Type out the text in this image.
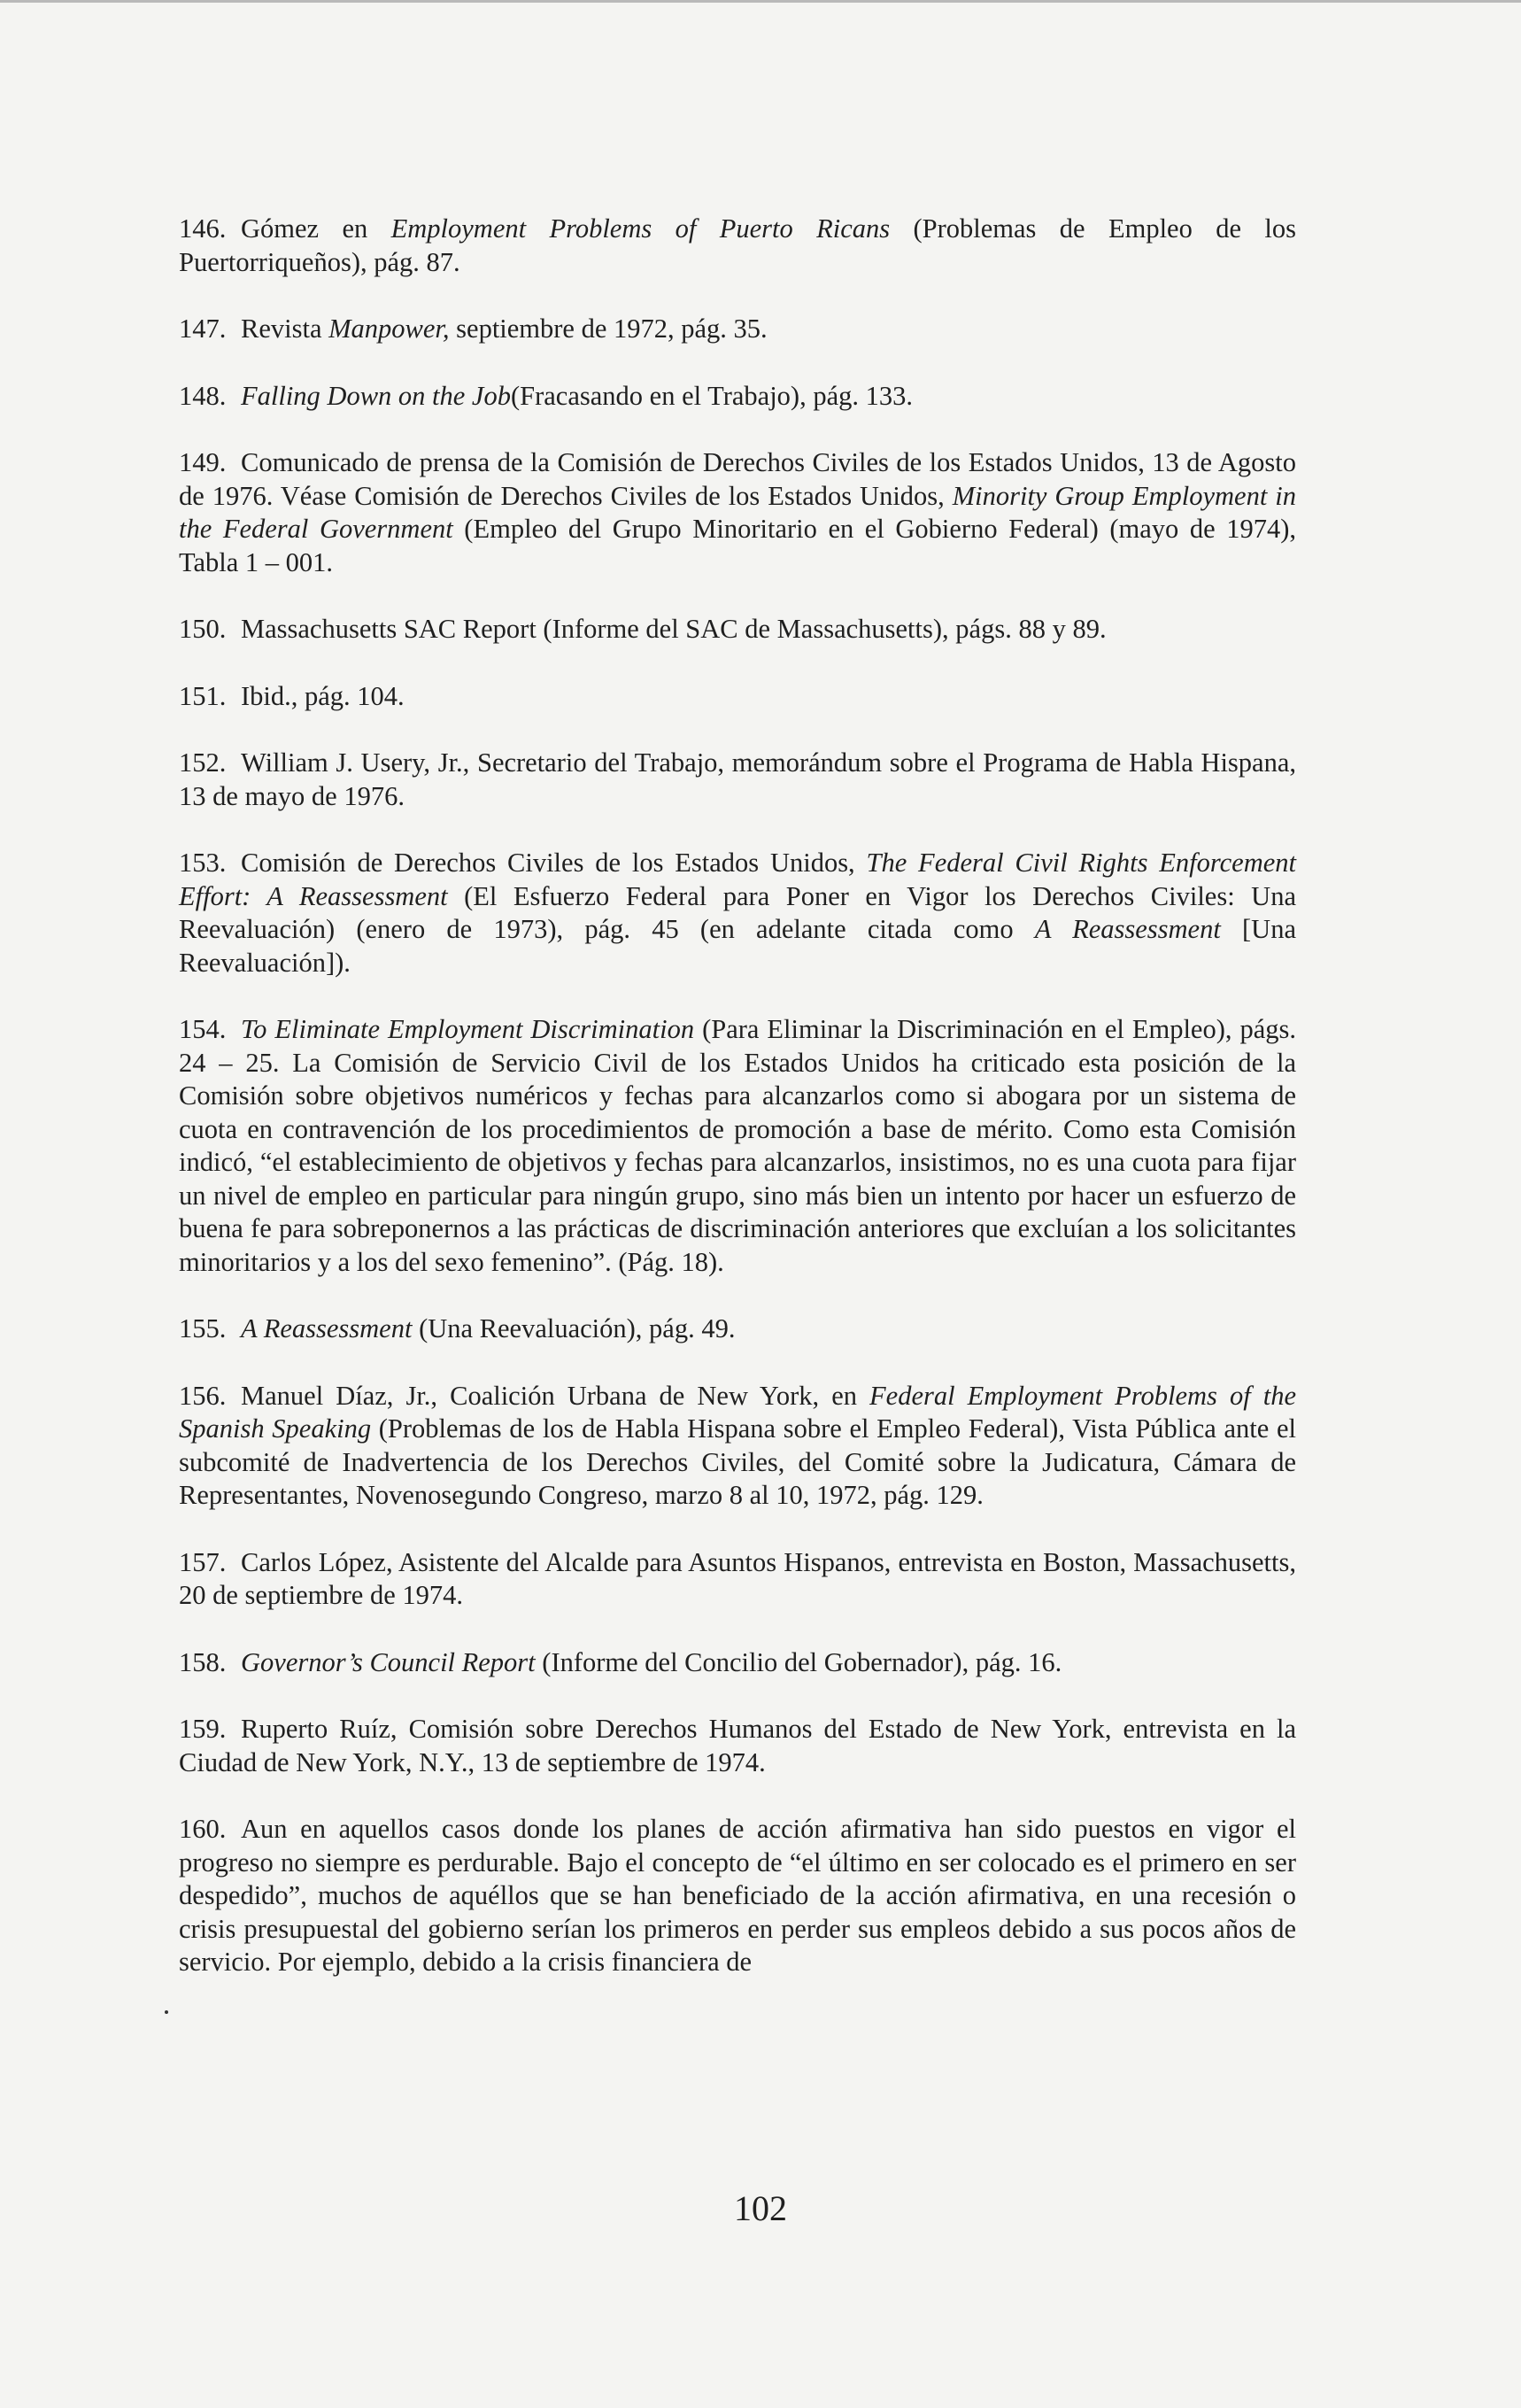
146 . Gómez en Employment Problems of Puerto Ricans (Problemas de Empleo de los Puertorriqueños), pág. 87.

147 . Revista Manpower, septiembre de 1972, pág. 35.

148 . Falling Down on the Job(Fracasando en el Trabajo), pág. 133.

149 . Comunicado de prensa de la Comisión de Derechos Civiles de los Estados Unidos, 13 de Agosto de 1976. Véase Comisión de Derechos Civiles de los Estados Unidos, Minority Group Employment in the Federal Government (Empleo del Grupo Minoritario en el Gobierno Federal) (mayo de 1974), Tabla 1 – 001.

150 . Massachusetts SAC Report (Informe del SAC de Massachusetts), págs. 88 y 89.

151 . Ibid., pág. 104.

152 . William J. Usery, Jr., Secretario del Trabajo, memorándum sobre el Programa de Habla Hispana, 13 de mayo de 1976.

153 . Comisión de Derechos Civiles de los Estados Unidos, The Federal Civil Rights Enforcement Effort: A Reassessment (El Esfuerzo Federal para Poner en Vigor los Derechos Civiles: Una Reevaluación) (enero de 1973), pág. 45 (en adelante citada como A Reassessment [Una Reevaluación]).

154 . To Eliminate Employment Discrimination (Para Eliminar la Discriminación en el Empleo), págs. 24 – 25. La Comisión de Servicio Civil de los Estados Unidos ha criticado esta posición de la Comisión sobre objetivos numéricos y fechas para alcanzarlos como si abogara por un sistema de cuota en contravención de los procedimientos de promoción a base de mérito. Como esta Comisión indicó, “el establecimiento de objetivos y fechas para alcanzarlos, insistimos, no es una cuota para fijar un nivel de empleo en particular para ningún grupo, sino más bien un intento por hacer un esfuerzo de buena fe para sobreponernos a las prácticas de discriminación anteriores que excluían a los solicitantes minoritarios y a los del sexo femenino”. (Pág. 18).

155 . A Reassessment (Una Reevaluación), pág. 49.

156 . Manuel Díaz, Jr., Coalición Urbana de New York, en Federal Employment Problems of the Spanish Speaking (Problemas de los de Habla Hispana sobre el Empleo Federal), Vista Pública ante el subcomité de Inadvertencia de los Derechos Civiles, del Comité sobre la Judicatura, Cámara de Representantes, Novenosegundo Congreso, marzo 8 al 10, 1972, pág. 129.

157 . Carlos López, Asistente del Alcalde para Asuntos Hispanos, entrevista en Boston, Massachusetts, 20 de septiembre de 1974.

158 . Governor’s Council Report (Informe del Concilio del Gobernador), pág. 16.

159 . Ruperto Ruíz, Comisión sobre Derechos Humanos del Estado de New York, entrevista en la Ciudad de New York, N.Y., 13 de septiembre de 1974.

160 . Aun en aquellos casos donde los planes de acción afirmativa han sido puestos en vigor el progreso no siempre es perdurable. Bajo el concepto de “el último en ser colocado es el primero en ser despedido”, muchos de aquéllos que se han beneficiado de la acción afirmativa, en una recesión o crisis presupuestal del gobierno serían los primeros en perder sus empleos debido a sus pocos años de servicio. Por ejemplo, debido a la crisis financiera de

102
